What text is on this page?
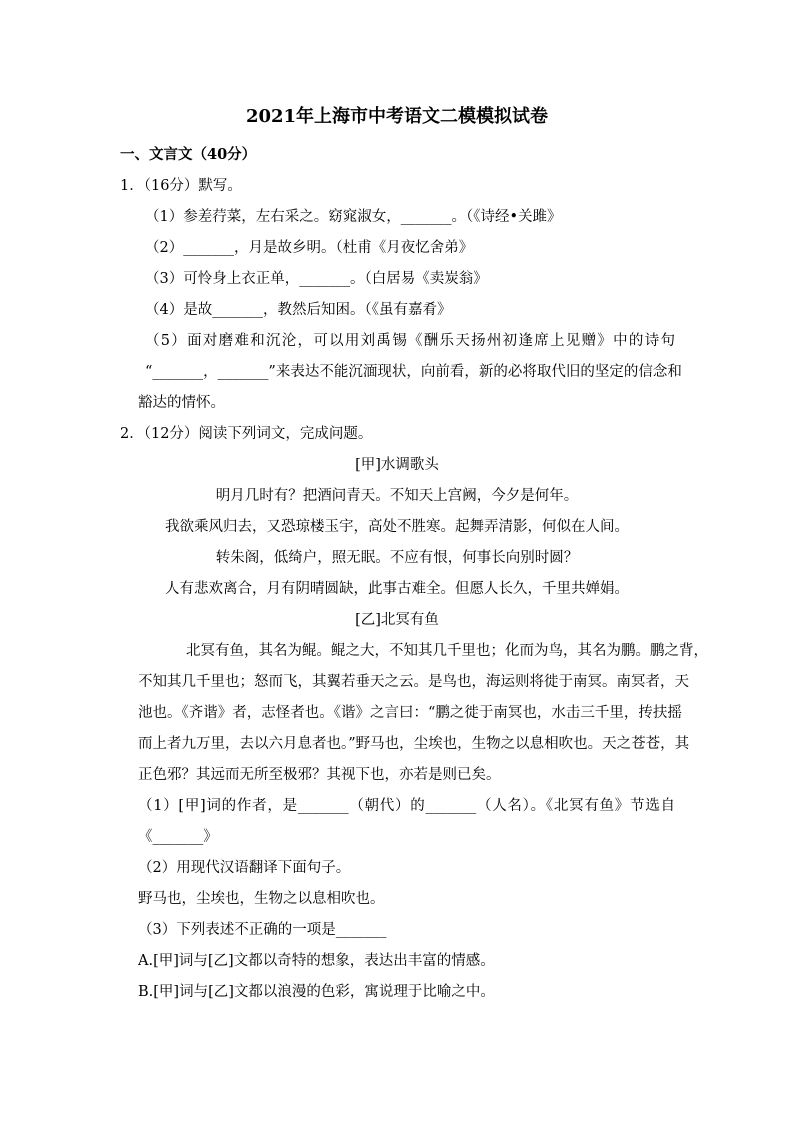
2021年上海市中考语文二模模拟试卷
一、文言文（40分）
1．（16分）默写。
（1）参差荇菜，左右采之。窈窕淑女，_______。（《诗经•关雎》
（2）_______，月是故乡明。（杜甫《月夜忆舍弟》
（3）可怜身上衣正单，_______。（白居易《卖炭翁》
（4）是故_______，教然后知困。（《虽有嘉肴》
（5）面对磨难和沉沦，可以用刘禹锡《酬乐天扬州初逢席上见赠》中的诗句
“_______，_______”来表达不能沉湎现状，向前看，新的必将取代旧的坚定的信念和
豁达的情怀。
2．（12分）阅读下列词文，完成问题。
[甲]水调歌头
明月几时有？把酒问青天。不知天上宫阙，今夕是何年。
我欲乘风归去，又恐琼楼玉宇，高处不胜寒。起舞弄清影，何似在人间。
转朱阁，低绮户，照无眠。不应有恨，何事长向别时圆？
人有悲欢离合，月有阴晴圆缺，此事古难全。但愿人长久，千里共婵娟。
[乙]北冥有鱼
北冥有鱼，其名为鲲。鲲之大，不知其几千里也；化而为鸟，其名为鹏。鹏之背，
不知其几千里也；怒而飞，其翼若垂天之云。是鸟也，海运则将徙于南冥。南冥者，天
池也。《齐谐》者，志怪者也。《谐》之言曰：“鹏之徙于南冥也，水击三千里，抟扶摇
而上者九万里，去以六月息者也。”野马也，尘埃也，生物之以息相吹也。天之苍苍，其
正色邪？其远而无所至极邪？其视下也，亦若是则已矣。
（1）[甲]词的作者，是_______（朝代）的_______（人名）。《北冥有鱼》节选自
《_______》
（2）用现代汉语翻译下面句子。
野马也，尘埃也，生物之以息相吹也。
（3）下列表述不正确的一项是_______
A.[甲]词与[乙]文都以奇特的想象，表达出丰富的情感。
B.[甲]词与[乙]文都以浪漫的色彩，寓说理于比喻之中。
